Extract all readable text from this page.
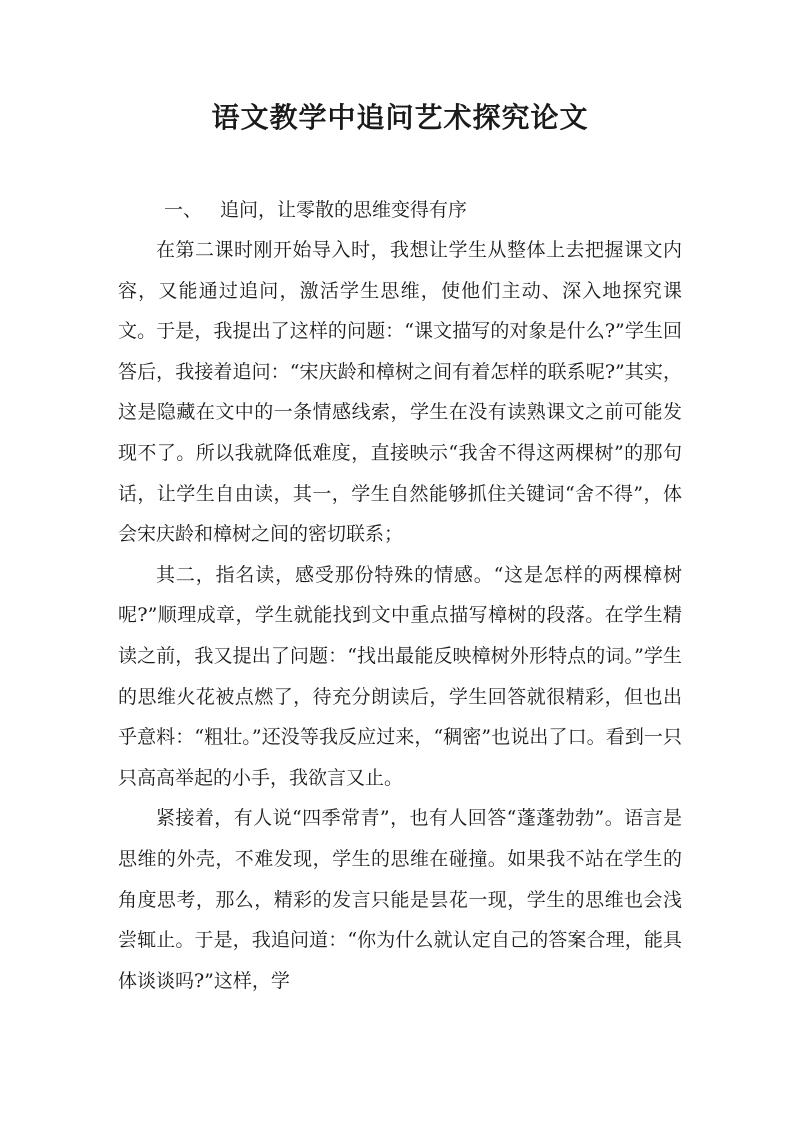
语文教学中追问艺术探究论文

一、 追问，让零散的思维变得有序

在第二课时刚开始导入时，我想让学生从整体上去把握课文内容，又能通过追问，激活学生思维，使他们主动、深入地探究课文。于是，我提出了这样的问题：“课文描写的对象是什么?”学生回答后，我接着追问：“宋庆龄和樟树之间有着怎样的联系呢?”其实，这是隐藏在文中的一条情感线索，学生在没有读熟课文之前可能发现不了。所以我就降低难度，直接映示“我舍不得这两棵树”的那句话，让学生自由读，其一，学生自然能够抓住关键词“舍不得”，体会宋庆龄和樟树之间的密切联系；

其二，指名读，感受那份特殊的情感。“这是怎样的两棵樟树呢?”顺理成章，学生就能找到文中重点描写樟树的段落。在学生精读之前，我又提出了问题：“找出最能反映樟树外形特点的词。”学生的思维火花被点燃了，待充分朗读后，学生回答就很精彩，但也出乎意料：“粗壮。”还没等我反应过来，“稠密”也说出了口。看到一只只高高举起的小手，我欲言又止。

紧接着，有人说“四季常青”，也有人回答“蓬蓬勃勃”。语言是思维的外壳，不难发现，学生的思维在碰撞。如果我不站在学生的角度思考，那么，精彩的发言只能是昙花一现，学生的思维也会浅尝辄止。于是，我追问道：“你为什么就认定自己的答案合理，能具体谈谈吗?”这样，学
